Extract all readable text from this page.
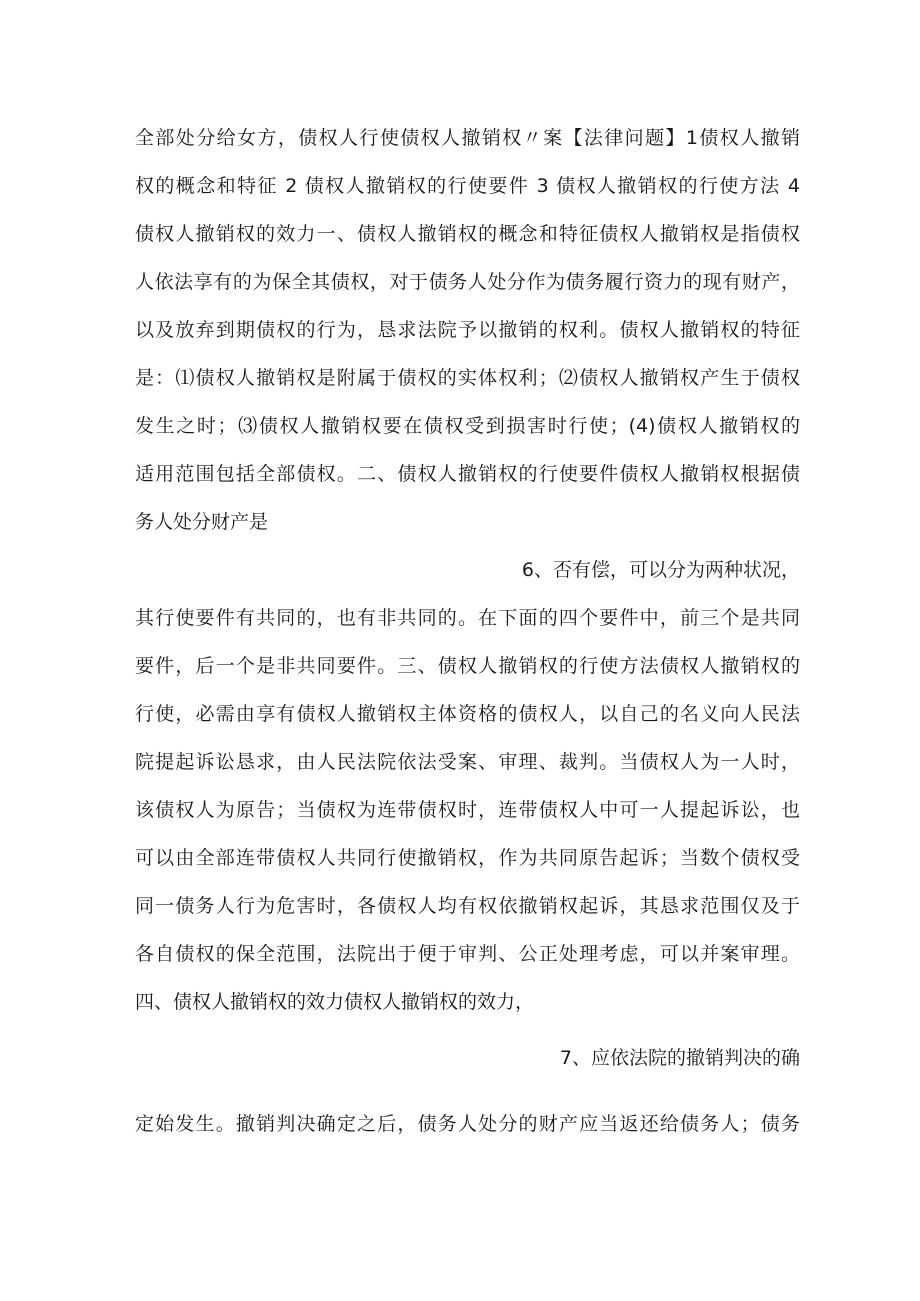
全部处分给女方，债权人行使债权人撤销权〃案【法律问题】1债权人撤销
权的概念和特征 2 债权人撤销权的行使要件 3 债权人撤销权的行使方法 4
债权人撤销权的效力一、债权人撤销权的概念和特征债权人撤销权是指债权
人依法享有的为保全其债权，对于债务人处分作为债务履行资力的现有财产，
以及放弃到期债权的行为，恳求法院予以撤销的权利。债权人撤销权的特征
是：⑴债权人撤销权是附属于债权的实体权利；⑵债权人撤销权产生于债权
发生之时；⑶债权人撤销权要在债权受到损害时行使；(4)债权人撤销权的
适用范围包括全部债权。二、债权人撤销权的行使要件债权人撤销权根据债
务人处分财产是
6、否有偿，可以分为两种状况，
其行使要件有共同的，也有非共同的。在下面的四个要件中，前三个是共同
要件，后一个是非共同要件。三、债权人撤销权的行使方法债权人撤销权的
行使，必需由享有债权人撤销权主体资格的债权人，以自己的名义向人民法
院提起诉讼恳求，由人民法院依法受案、审理、裁判。当债权人为一人时，
该债权人为原告；当债权为连带债权时，连带债权人中可一人提起诉讼，也
可以由全部连带债权人共同行使撤销权，作为共同原告起诉；当数个债权受
同一债务人行为危害时，各债权人均有权依撤销权起诉，其恳求范围仅及于
各自债权的保全范围，法院出于便于审判、公正处理考虑，可以并案审理。
四、债权人撤销权的效力债权人撤销权的效力，
7、应依法院的撤销判决的确
定始发生。撤销判决确定之后，债务人处分的财产应当返还给债务人；债务
